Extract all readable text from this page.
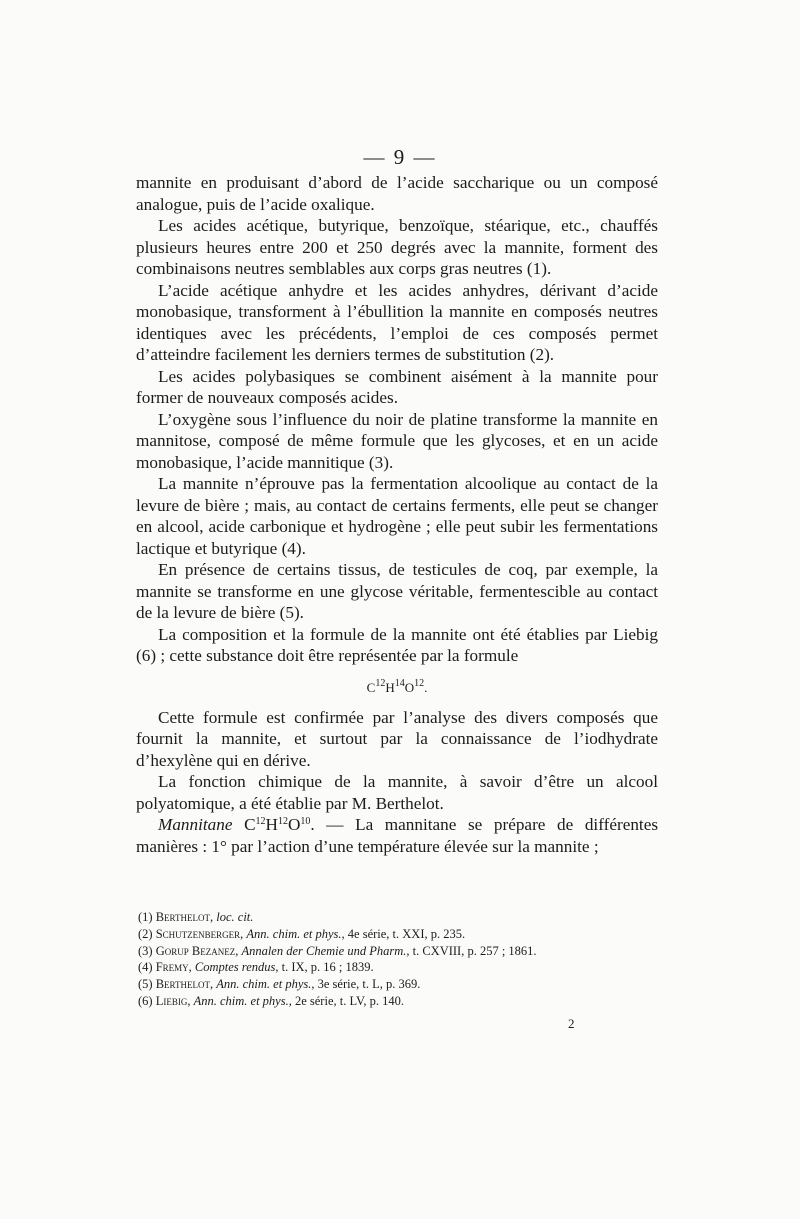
— 9 —

mannite en produisant d’abord de l’acide saccharique ou un composé analogue, puis de l’acide oxalique.

Les acides acétique, butyrique, benzoïque, stéarique, etc., chauffés plusieurs heures entre 200 et 250 degrés avec la mannite, forment des combinaisons neutres semblables aux corps gras neutres (1).

L’acide acétique anhydre et les acides anhydres, dérivant d’acide monobasique, transforment à l’ébullition la mannite en composés neutres identiques avec les précédents, l’emploi de ces composés permet d’atteindre facilement les derniers termes de substitution (2).

Les acides polybasiques se combinent aisément à la mannite pour former de nouveaux composés acides.

L’oxygène sous l’influence du noir de platine transforme la mannite en mannitose, composé de même formule que les glycoses, et en un acide monobasique, l’acide mannitique (3).

La mannite n’éprouve pas la fermentation alcoolique au contact de la levure de bière ; mais, au contact de certains ferments, elle peut se changer en alcool, acide carbonique et hydrogène ; elle peut subir les fermentations lactique et butyrique (4).

En présence de certains tissus, de testicules de coq, par exemple, la mannite se transforme en une glycose véritable, fermentescible au contact de la levure de bière (5).

La composition et la formule de la mannite ont été établies par Liebig (6) ; cette substance doit être représentée par la formule

$C^{12}H^{14}O^{12}$.

Cette formule est confirmée par l’analyse des divers composés que fournit la mannite, et surtout par la connaissance de l’iodhydrate d’hexylène qui en dérive.

La fonction chimique de la mannite, à savoir d’être un alcool polyatomique, a été établie par M. Berthelot.

Mannitane $C^{12}H^{12}O^{10}$. — La mannitane se prépare de différentes manières : 1° par l’action d’une température élevée sur la mannite ;

(1) Berthelot, loc. cit.
(2) Schutzenberger, Ann. chim. et phys., 4e série, t. XXI, p. 235.
(3) Gorup Bezanez, Annalen der Chemie und Pharm., t. CXVIII, p. 257 ; 1861.
(4) Fremy, Comptes rendus, t. IX, p. 16 ; 1839.
(5) Berthelot, Ann. chim. et phys., 3e série, t. L, p. 369.
(6) Liebig, Ann. chim. et phys., 2e série, t. LV, p. 140.
2
